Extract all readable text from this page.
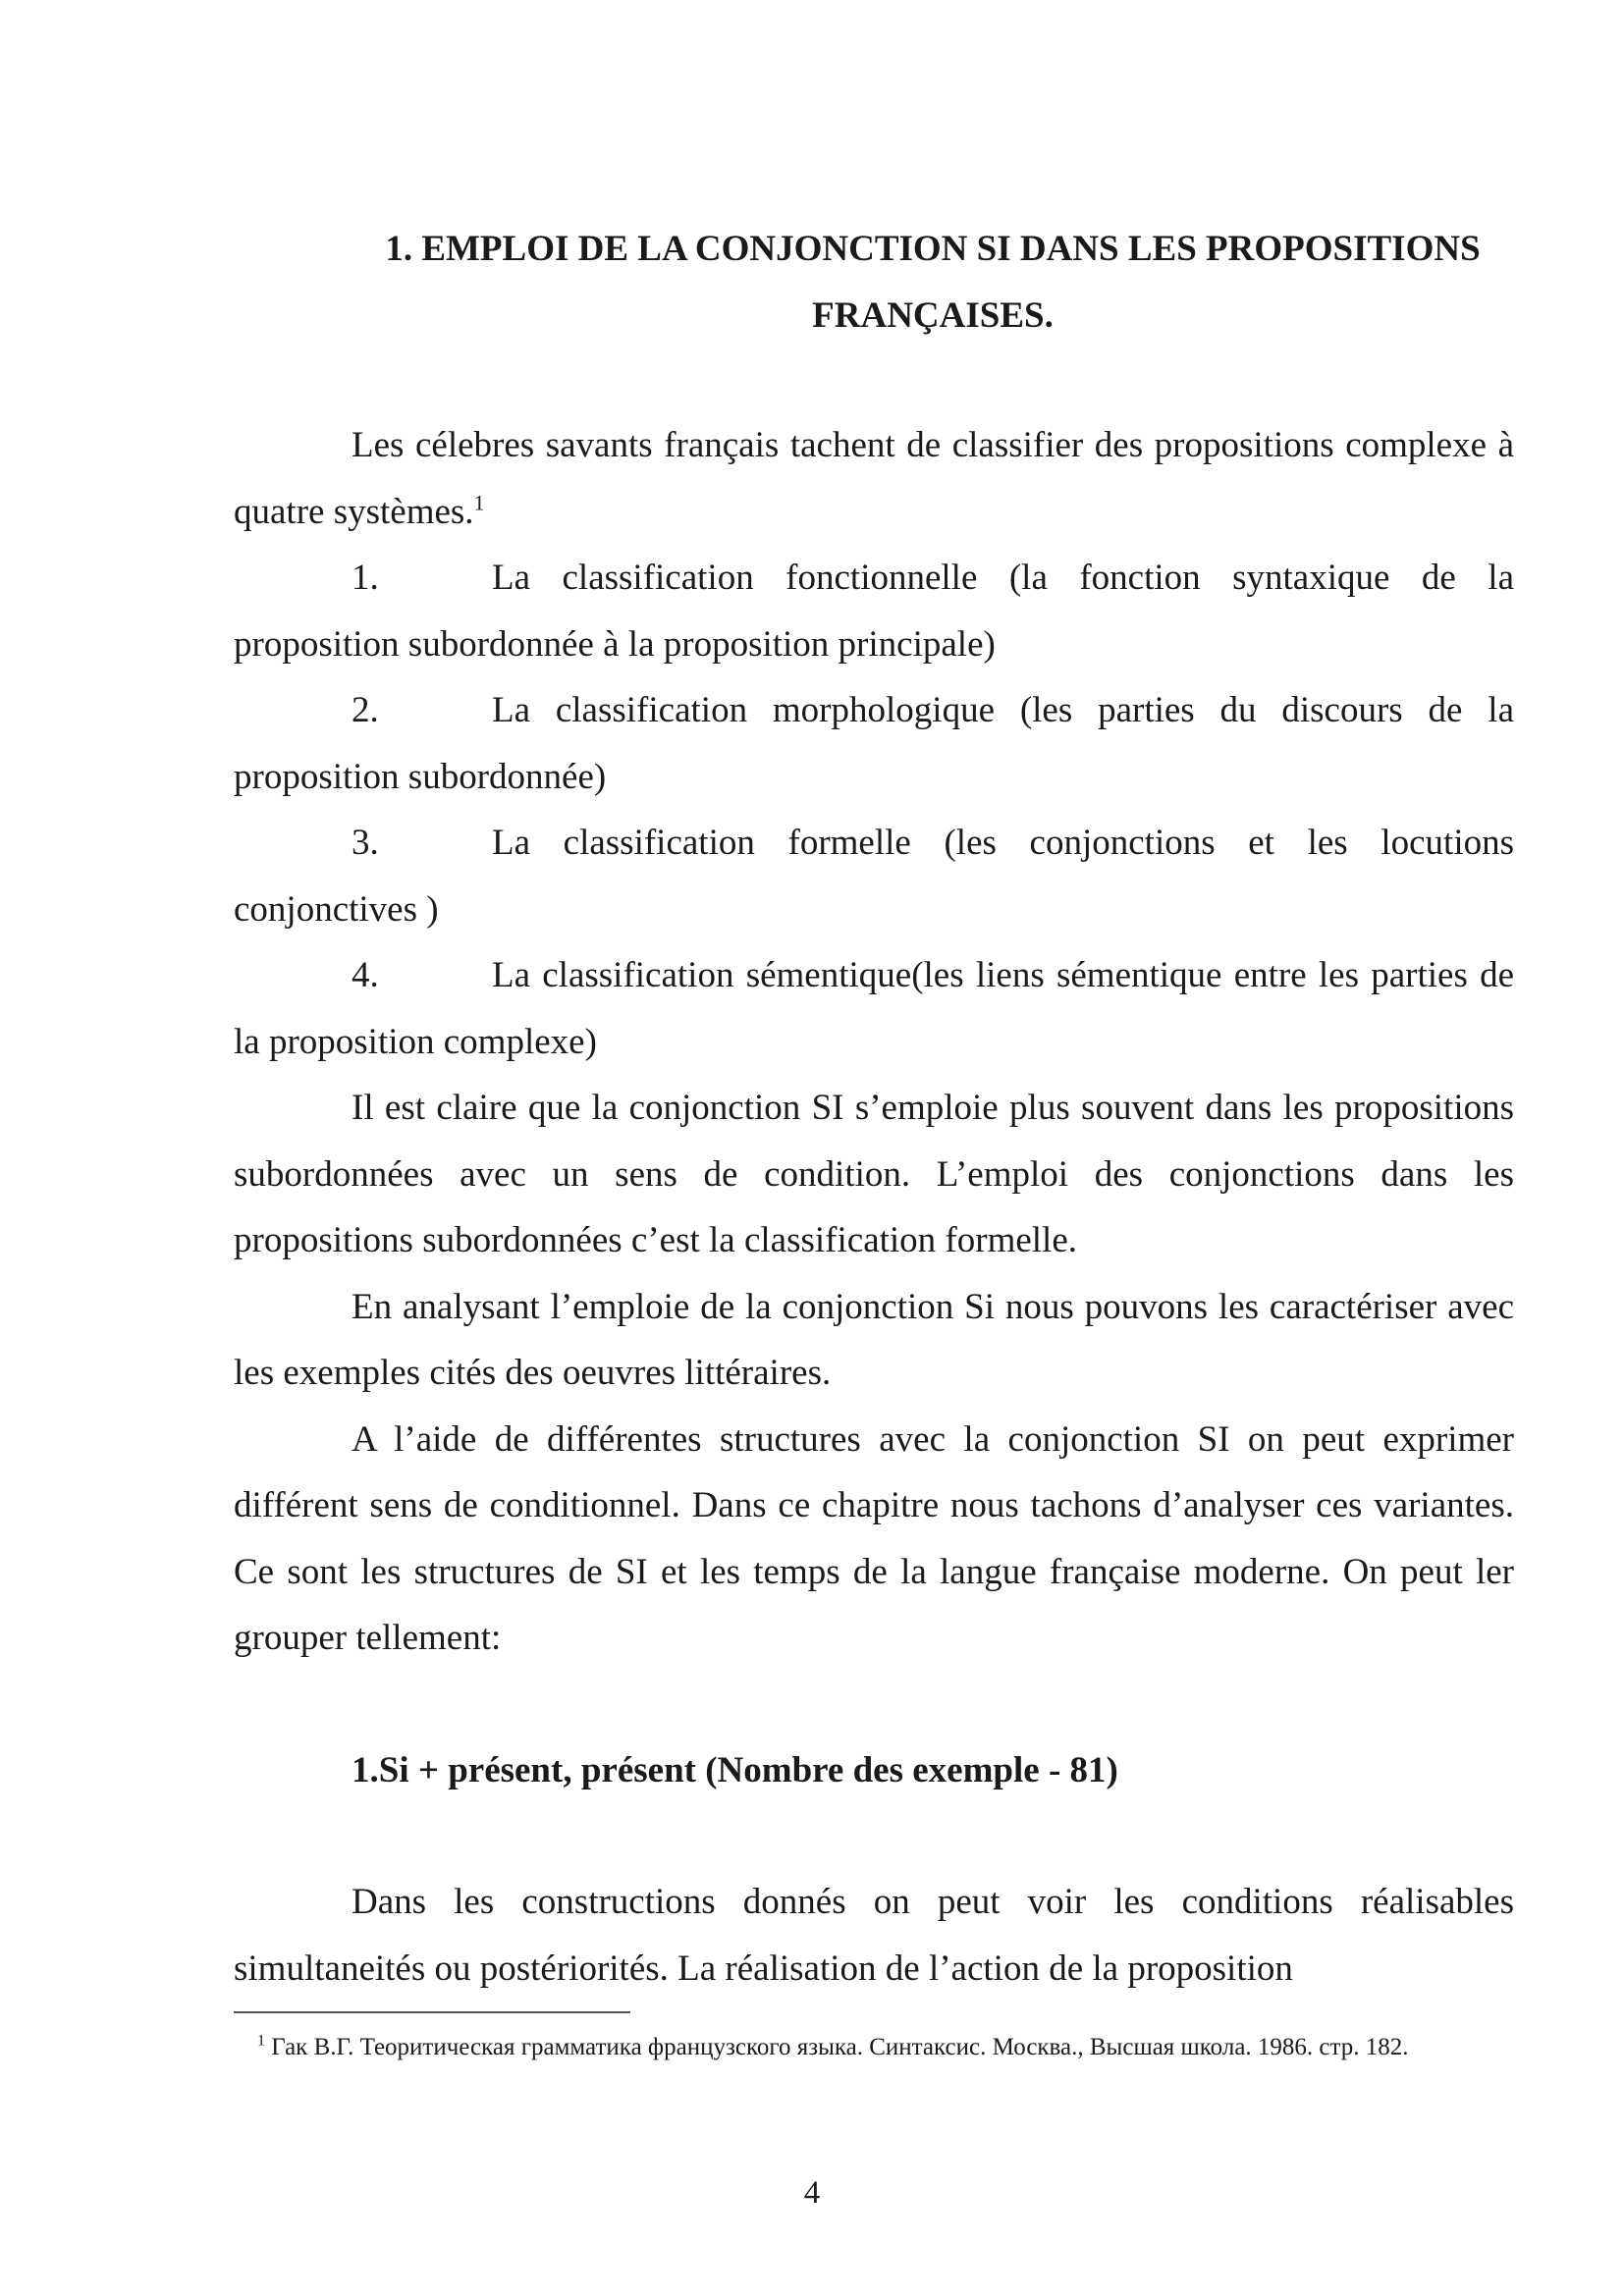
1. EMPLOI DE LA CONJONCTION SI DANS LES PROPOSITIONS
FRANÇAISES.

Les célebres savants français tachent de classifier des propositions complexe à quatre systèmes.$^1$

1.	La classification fonctionnelle (la fonction syntaxique de la proposition subordonnée à la proposition principale)

2.	La classification morphologique (les parties du discours de la proposition subordonnée)

3.	La classification formelle (les conjonctions et les locutions conjonctives )

4.	La classification sémentique(les liens sémentique entre les parties de la proposition complexe)

Il est claire que la conjonction SI s’emploie plus souvent dans les propositions subordonnées avec un sens de condition. L’emploi des conjonctions dans les propositions subordonnées c’est la classification formelle.

En analysant l’emploie de la conjonction Si nous pouvons les caractériser avec les exemples cités des oeuvres littéraires.

A l’aide de différentes structures avec la conjonction SI on peut exprimer différent sens de conditionnel. Dans ce chapitre nous tachons d’analyser ces variantes. Ce sont les structures de SI et les temps de la langue française moderne. On peut ler grouper tellement:

1.Si + présent, présent (Nombre des exemple - 81)

Dans les constructions donnés on peut voir les conditions réalisables simultaneités ou postériorités. La réalisation de l’action de la proposition

$^1$ Гак В.Г. Теоритическая грамматика французского языка. Синтаксис. Москва., Высшая школа. 1986. стр. 182.

4
